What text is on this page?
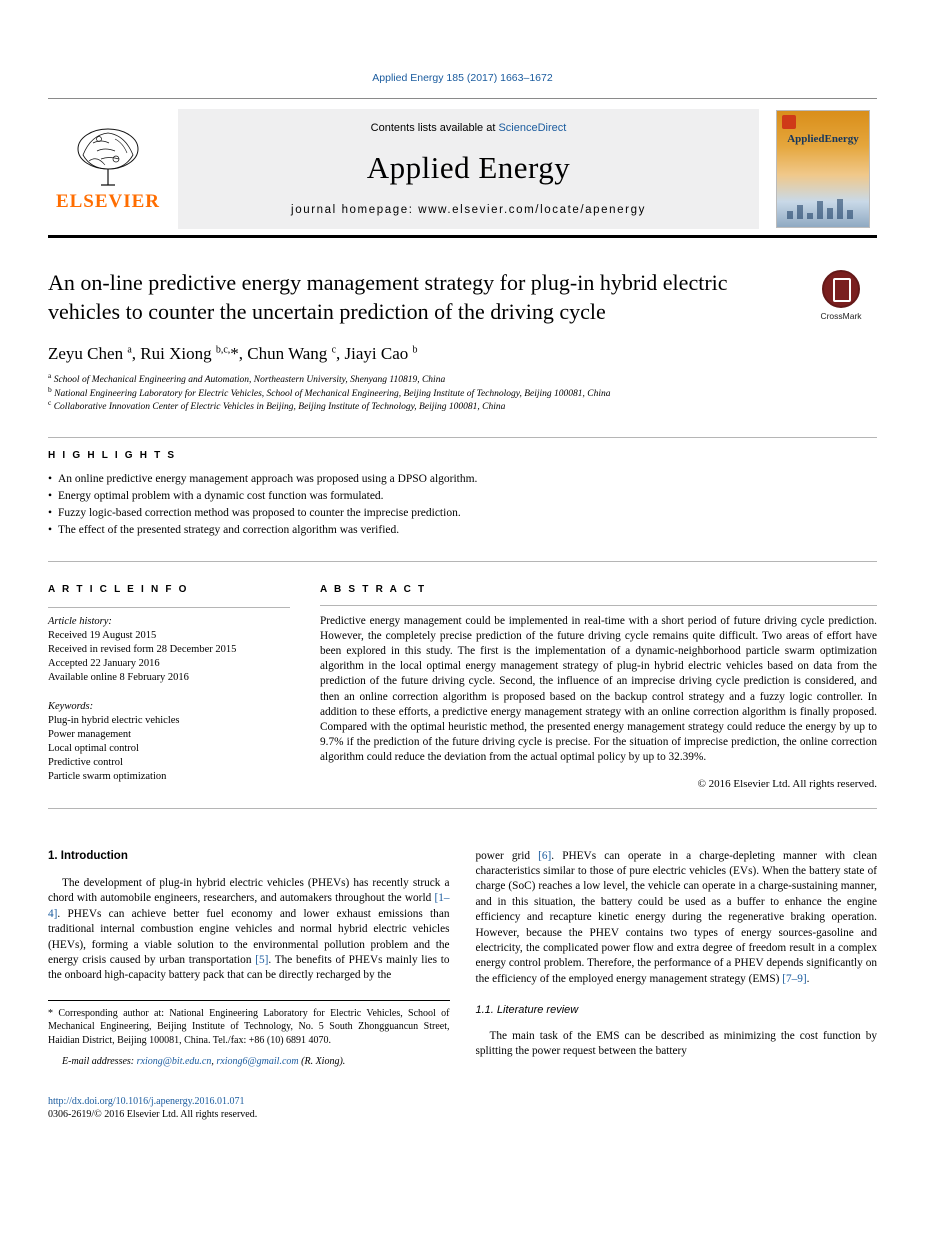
Applied Energy 185 (2017) 1663–1672
ELSEVIER
Contents lists available at ScienceDirect
Applied Energy
journal homepage: www.elsevier.com/locate/apenergy
AppliedEnergy
An on-line predictive energy management strategy for plug-in hybrid electric vehicles to counter the uncertain prediction of the driving cycle	CrossMark
Zeyu Chen $^a$, Rui Xiong $^{b,c,}$*, Chun Wang $^c$, Jiayi Cao $^b$
$^a$ School of Mechanical Engineering and Automation, Northeastern University, Shenyang 110819, China
$^b$ National Engineering Laboratory for Electric Vehicles, School of Mechanical Engineering, Beijing Institute of Technology, Beijing 100081, China
$^c$ Collaborative Innovation Center of Electric Vehicles in Beijing, Beijing Institute of Technology, Beijing 100081, China
H I G H L I G H T S
• An online predictive energy management approach was proposed using a DPSO algorithm.
• Energy optimal problem with a dynamic cost function was formulated.
• Fuzzy logic-based correction method was proposed to counter the imprecise prediction.
• The effect of the presented strategy and correction algorithm was verified.
A R T I C L E I N F O
Article history:
Received 19 August 2015
Received in revised form 28 December 2015
Accepted 22 January 2016
Available online 8 February 2016
Keywords:
Plug-in hybrid electric vehicles
Power management
Local optimal control
Predictive control
Particle swarm optimization
A B S T R A C T
Predictive energy management could be implemented in real-time with a short period of future driving cycle prediction. However, the completely precise prediction of the future driving cycle remains quite difficult. Two areas of effort have been explored in this study. The first is the implementation of a dynamic-neighborhood particle swarm optimization algorithm in the local optimal energy management strategy of plug-in hybrid electric vehicles based on data from the prediction of the future driving cycle. Second, the influence of an imprecise driving cycle prediction is considered, and then an online correction algorithm is proposed based on the backup control strategy and a fuzzy logic controller. In addition to these efforts, a predictive energy management strategy with an online correction algorithm is finally proposed. Compared with the optimal heuristic method, the presented energy management strategy could reduce the energy by up to 9.7% if the prediction of the future driving cycle is precise. For the situation of imprecise prediction, the online correction algorithm could reduce the deviation from the actual optimal policy by up to 32.39%.
© 2016 Elsevier Ltd. All rights reserved.
1. Introduction

The development of plug-in hybrid electric vehicles (PHEVs) has recently struck a chord with automobile engineers, researchers, and automakers throughout the world [1–4]. PHEVs can achieve better fuel economy and lower exhaust emissions than traditional internal combustion engine vehicles and normal hybrid electric vehicles (HEVs), forming a viable solution to the environmental pollution problem and the energy crisis caused by urban transportation [5]. The benefits of PHEVs mainly lies to the onboard high-capacity battery pack that can be directly recharged by the

* Corresponding author at: National Engineering Laboratory for Electric Vehicles, School of Mechanical Engineering, Beijing Institute of Technology, No. 5 South Zhongguancun Street, Haidian District, Beijing 100081, China. Tel./fax: +86 (10) 6891 4070.
E-mail addresses: rxiong@bit.edu.cn, rxiong6@gmail.com (R. Xiong).

power grid [6]. PHEVs can operate in a charge-depleting manner with clean characteristics similar to those of pure electric vehicles (EVs). When the battery state of charge (SoC) reaches a low level, the vehicle can operate in a charge-sustaining manner, and in this situation, the battery could be used as a buffer to enhance the engine efficiency and recapture kinetic energy during the regenerative braking operation. However, because the PHEV contains two types of energy sources-gasoline and electricity, the complicated power flow and extra degree of freedom result in a complex energy control problem. Therefore, the performance of a PHEV depends significantly on the efficiency of the employed energy management strategy (EMS) [7–9].

1.1. Literature review

The main task of the EMS can be described as minimizing the cost function by splitting the power request between the battery

http://dx.doi.org/10.1016/j.apenergy.2016.01.071
0306-2619/© 2016 Elsevier Ltd. All rights reserved.
